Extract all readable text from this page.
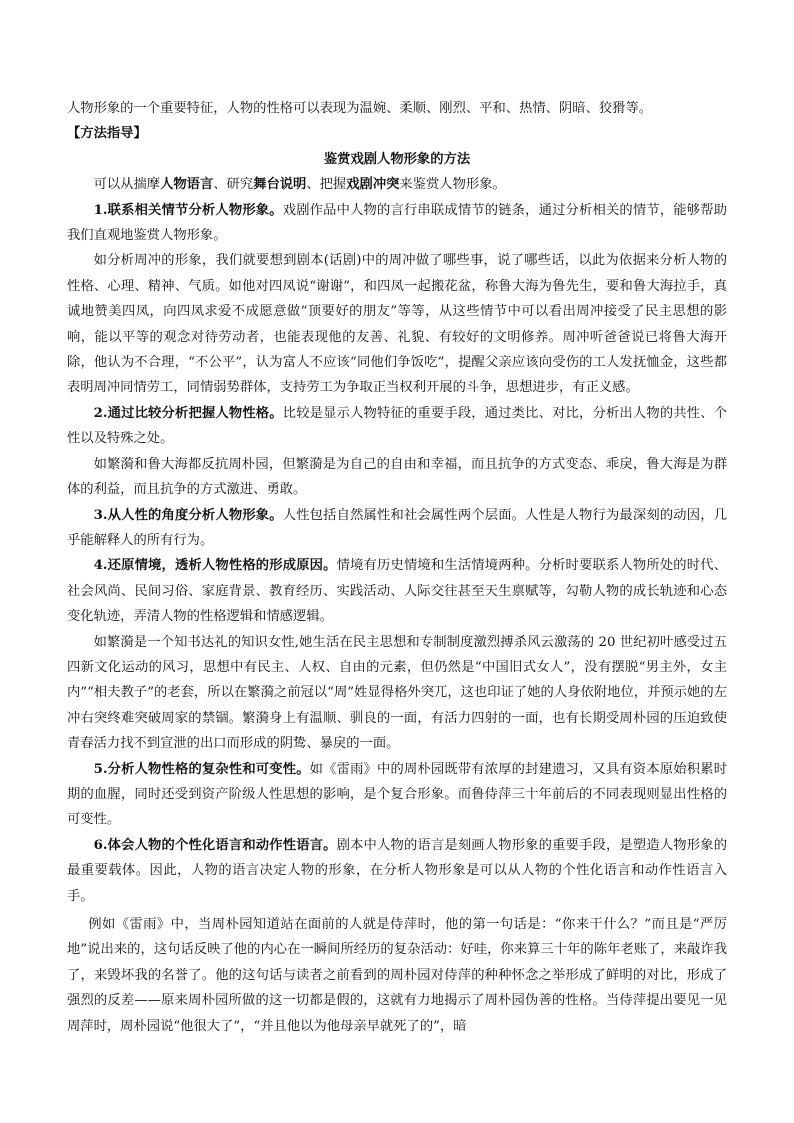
人物形象的一个重要特征，人物的性格可以表现为温婉、柔顺、刚烈、平和、热情、阴暗、狡猾等。

【方法指导】

鉴赏戏剧人物形象的方法

可以从揣摩人物语言、研究舞台说明、把握戏剧冲突来鉴赏人物形象。

1.联系相关情节分析人物形象。戏剧作品中人物的言行串联成情节的链条，通过分析相关的情节，能够帮助我们直观地鉴赏人物形象。

如分析周冲的形象，我们就要想到剧本(话剧)中的周冲做了哪些事，说了哪些话，以此为依据来分析人物的性格、心理、精神、气质。如他对四凤说“谢谢”，和四凤一起搬花盆，称鲁大海为鲁先生，要和鲁大海拉手，真诚地赞美四凤，向四凤求爱不成愿意做“顶要好的朋友”等等，从这些情节中可以看出周冲接受了民主思想的影响，能以平等的观念对待劳动者，也能表现他的友善、礼貌、有较好的文明修养。周冲听爸爸说已将鲁大海开除，他认为不合理，“不公平”，认为富人不应该“同他们争饭吃”，提醒父亲应该向受伤的工人发抚恤金，这些都表明周冲同情劳工，同情弱势群体，支持劳工为争取正当权利开展的斗争，思想进步，有正义感。

2.通过比较分析把握人物性格。比较是显示人物特征的重要手段，通过类比、对比，分析出人物的共性、个性以及特殊之处。

如繁漪和鲁大海都反抗周朴园，但繁漪是为自己的自由和幸福，而且抗争的方式变态、乖戾，鲁大海是为群体的利益，而且抗争的方式激进、勇敢。

3.从人性的角度分析人物形象。人性包括自然属性和社会属性两个层面。人性是人物行为最深刻的动因，几乎能解释人的所有行为。

4.还原情境，透析人物性格的形成原因。情境有历史情境和生活情境两种。分析时要联系人物所处的时代、社会风尚、民间习俗、家庭背景、教育经历、实践活动、人际交往甚至天生禀赋等，勾勒人物的成长轨迹和心态变化轨迹，弄清人物的性格逻辑和情感逻辑。

如繁漪是一个知书达礼的知识女性,她生活在民主思想和专制制度激烈搏杀风云激荡的 20 世纪初叶感受过五四新文化运动的风习，思想中有民主、人权、自由的元素，但仍然是“中国旧式女人”，没有摆脱“男主外，女主内”“相夫教子”的老套，所以在繁漪之前冠以“周”姓显得格外突兀，这也印证了她的人身依附地位，并预示她的左冲右突终难突破周家的禁锢。繁漪身上有温顺、驯良的一面，有活力四射的一面，也有长期受周朴园的压迫致使青春活力找不到宣泄的出口而形成的阴鸷、暴戾的一面。

5.分析人物性格的复杂性和可变性。如《雷雨》中的周朴园既带有浓厚的封建遗习，又具有资本原始积累时期的血腥，同时还受到资产阶级人性思想的影响，是个复合形象。而鲁侍萍三十年前后的不同表现则显出性格的可变性。

6.体会人物的个性化语言和动作性语言。剧本中人物的语言是刻画人物形象的重要手段，是塑造人物形象的最重要载体。因此，人物的语言决定人物的形象，在分析人物形象是可以从人物的个性化语言和动作性语言入手。

例如《雷雨》中，当周朴园知道站在面前的人就是侍萍时，他的第一句话是：“你来干什么？”而且是“严厉地”说出来的，这句话反映了他的内心在一瞬间所经历的复杂活动：好哇，你来算三十年的陈年老账了，来敲诈我了，来毁坏我的名誉了。他的这句话与读者之前看到的周朴园对侍萍的种种怀念之举形成了鲜明的对比，形成了强烈的反差——原来周朴园所做的这一切都是假的，这就有力地揭示了周朴园伪善的性格。当侍萍提出要见一见周萍时，周朴园说“他很大了”，“并且他以为他母亲早就死了的”，暗
